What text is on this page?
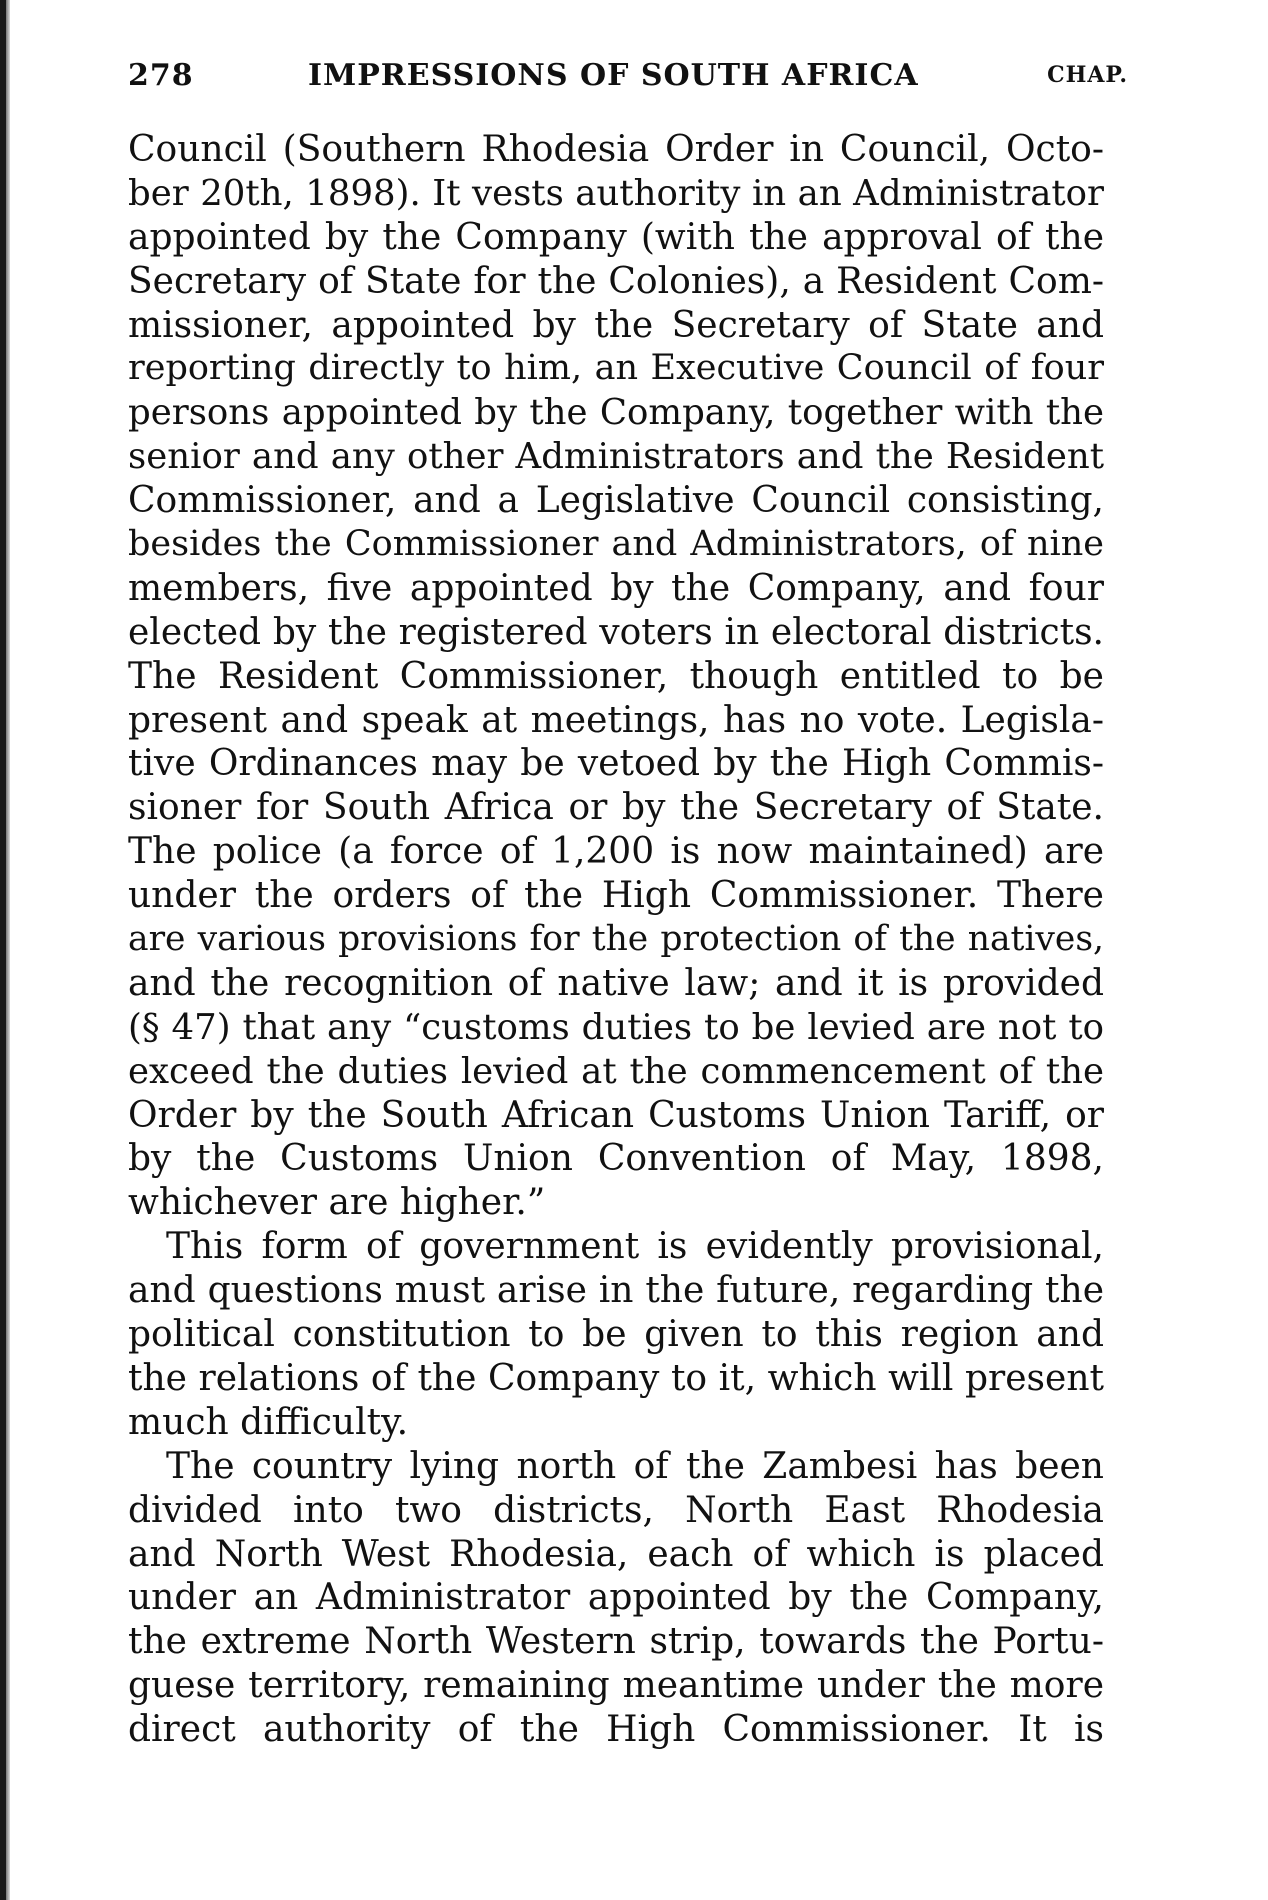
278	IMPRESSIONS OF SOUTH AFRICA	CHAP.
Council (Southern Rhodesia Order in Council, Octo-
ber 20th, 1898). It vests authority in an Administrator
appointed by the Company (with the approval of the
Secretary of State for the Colonies), a Resident Com-
missioner, appointed by the Secretary of State and
reporting directly to him, an Executive Council of four
persons appointed by the Company, together with the
senior and any other Administrators and the Resident
Commissioner, and a Legislative Council consisting,
besides the Commissioner and Administrators, of nine
members, five appointed by the Company, and four
elected by the registered voters in electoral districts.
The Resident Commissioner, though entitled to be
present and speak at meetings, has no vote. Legisla-
tive Ordinances may be vetoed by the High Commis-
sioner for South Africa or by the Secretary of State.
The police (a force of 1,200 is now maintained) are
under the orders of the High Commissioner. There
are various provisions for the protection of the natives,
and the recognition of native law; and it is provided
(§ 47) that any “customs duties to be levied are not to
exceed the duties levied at the commencement of the
Order by the South African Customs Union Tariff, or
by the Customs Union Convention of May, 1898,
whichever are higher.”
This form of government is evidently provisional,
and questions must arise in the future, regarding the
political constitution to be given to this region and
the relations of the Company to it, which will present
much difficulty.
The country lying north of the Zambesi has been
divided into two districts, North East Rhodesia
and North West Rhodesia, each of which is placed
under an Administrator appointed by the Company,
the extreme North Western strip, towards the Portu-
guese territory, remaining meantime under the more
direct authority of the High Commissioner. It is
